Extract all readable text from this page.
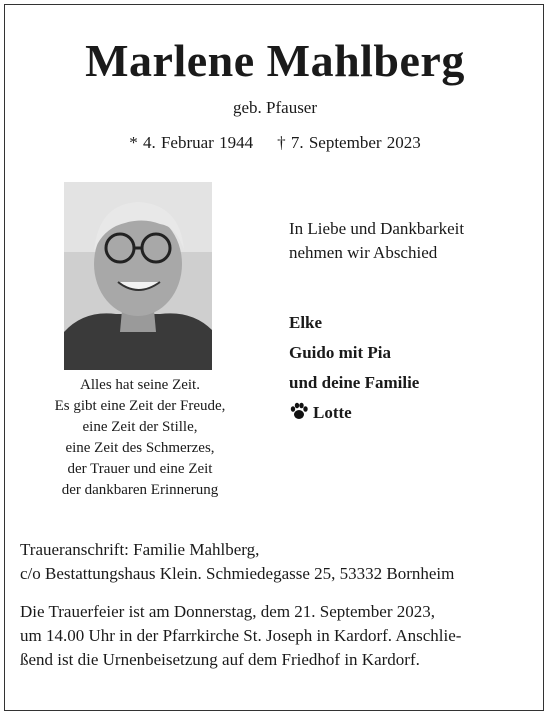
Marlene Mahlberg
geb. Pfauser
* 4. Februar 1944 † 7. September 2023
Alles hat seine Zeit.
Es gibt eine Zeit der Freude,
eine Zeit der Stille,
eine Zeit des Schmerzes,
der Trauer und eine Zeit
der dankbaren Erinnerung
In Liebe und Dankbarkeit
nehmen wir Abschied
Elke
Guido mit Pia
und deine Familie
Lotte
Traueranschrift: Familie Mahlberg,
c/o Bestattungshaus Klein. Schmiedegasse 25, 53332 Bornheim
Die Trauerfeier ist am Donnerstag, dem 21. September 2023,
um 14.00 Uhr in der Pfarrkirche St. Joseph in Kardorf. Anschlie-
ßend ist die Urnenbeisetzung auf dem Friedhof in Kardorf.
